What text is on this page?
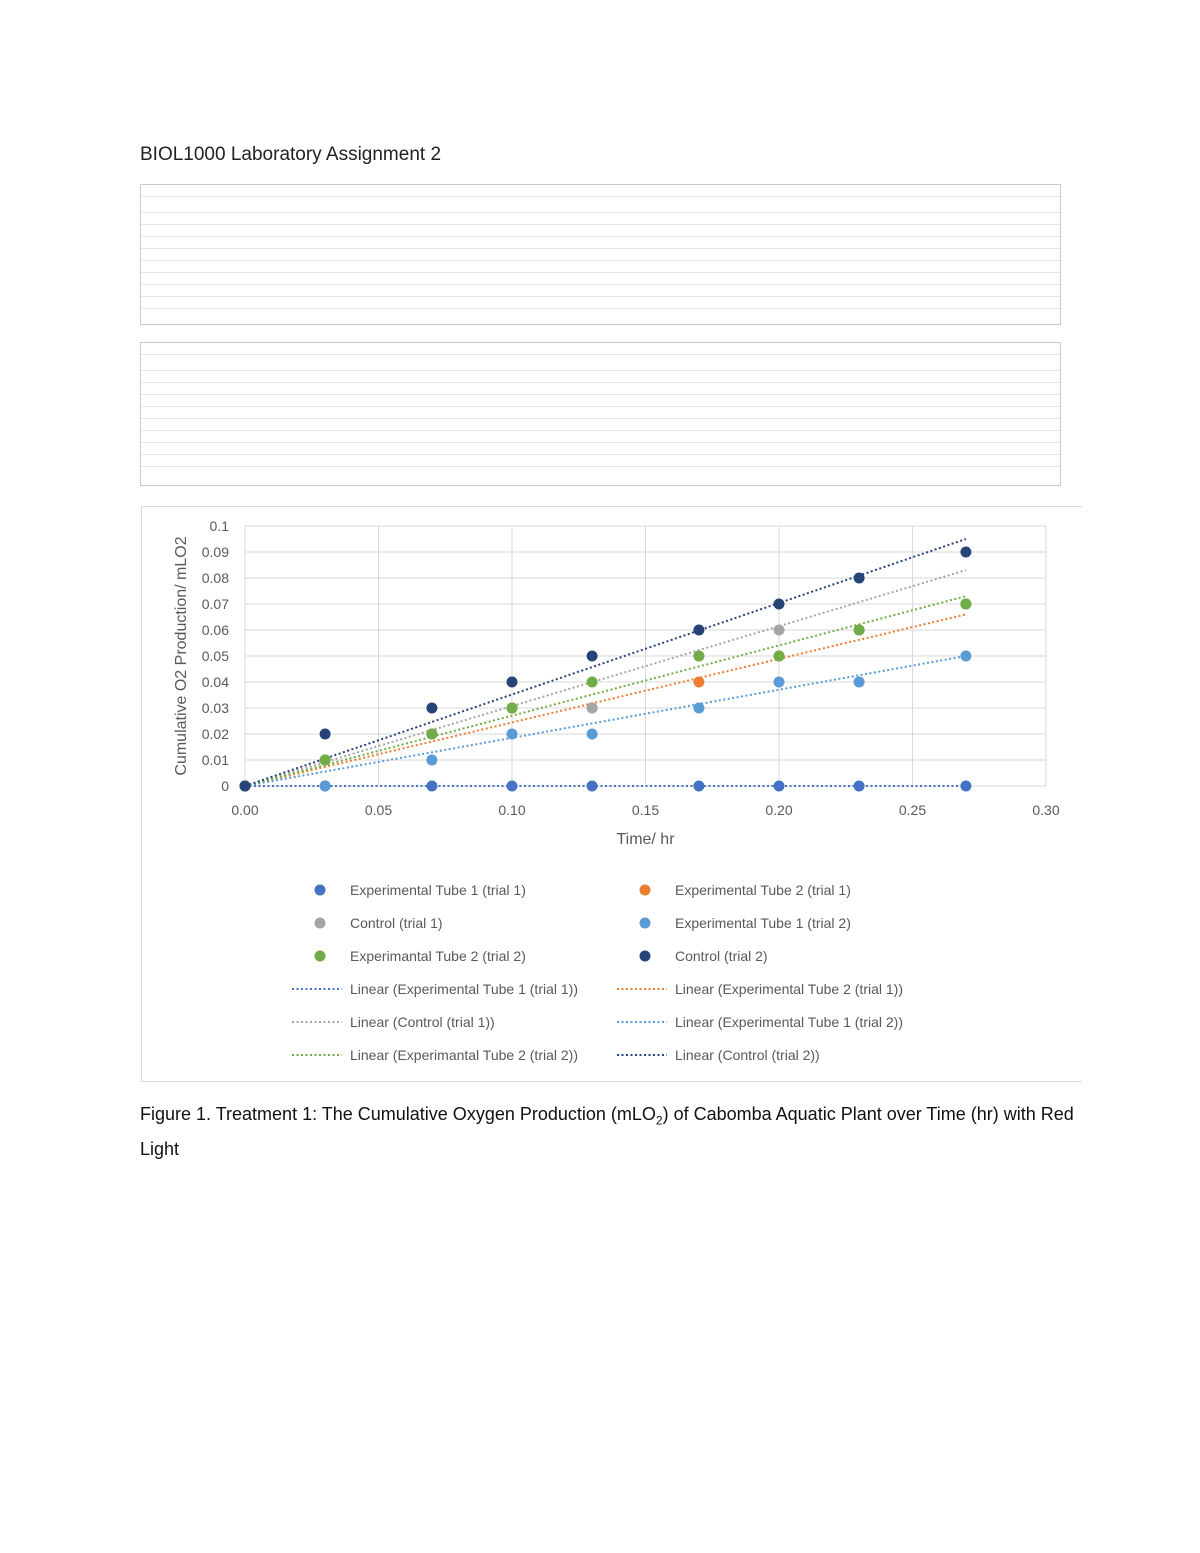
BIOL1000 Laboratory Assignment 2
0
0.01
0.02
0.03
0.04
0.05
0.06
0.07
0.08
0.09
0.1
0.00	0.05	0.10	0.15	0.20	0.25	0.30
Time/ hr
Cumulative O2 Production/ mLO2
Experimental Tube 1 (trial 1)	Experimental Tube 2 (trial 1)
Control (trial 1)	Experimental Tube 1 (trial 2)
Experimantal Tube 2 (trial 2)	Control (trial 2)
Linear (Experimental Tube 1 (trial 1))	Linear (Experimental Tube 2 (trial 1))
Linear (Control (trial 1))	Linear (Experimental Tube 1 (trial 2))
Linear (Experimantal Tube 2 (trial 2))	Linear (Control (trial 2))
Figure 1. Treatment 1: The Cumulative Oxygen Production (mLO$_2$) of Cabomba Aquatic Plant over Time (hr) with Red Light
